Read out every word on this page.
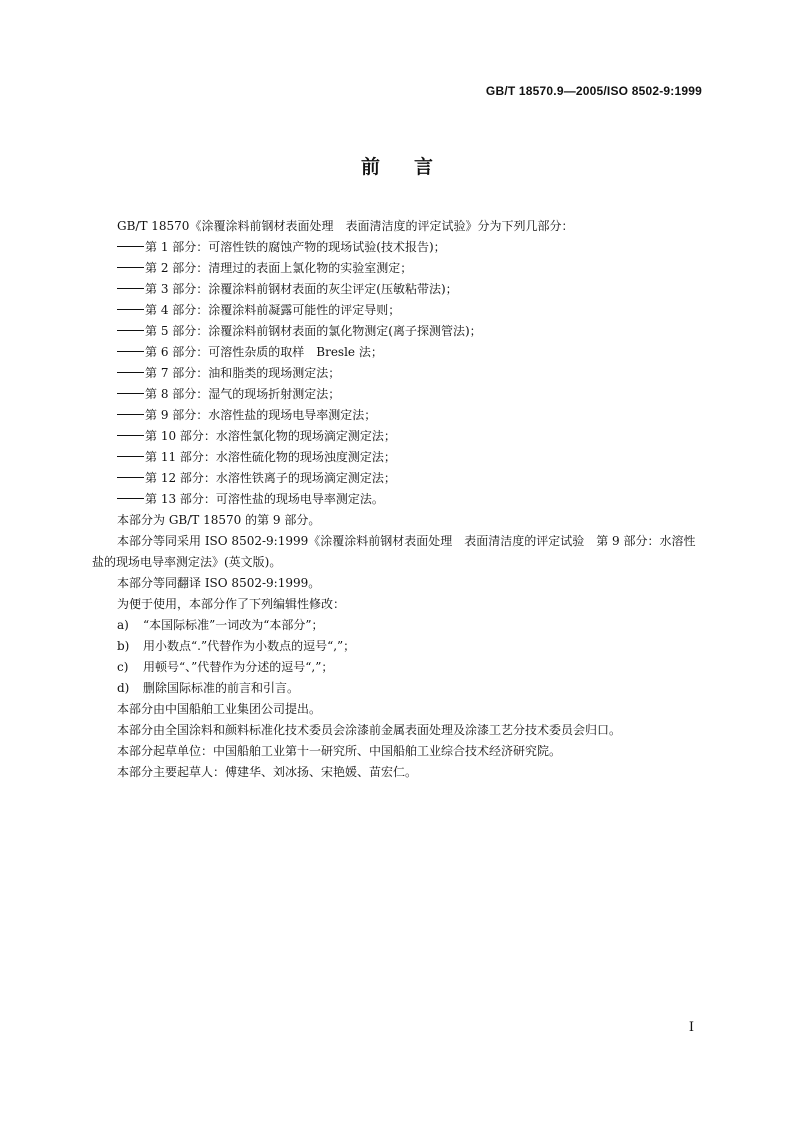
GB/T 18570.9—2005/ISO 8502-9:1999
前言

GB/T 18570《涂覆涂料前钢材表面处理　表面清洁度的评定试验》分为下列几部分：

第 1 部分：可溶性铁的腐蚀产物的现场试验(技术报告)；

第 2 部分：清理过的表面上氯化物的实验室测定；

第 3 部分：涂覆涂料前钢材表面的灰尘评定(压敏粘带法)；

第 4 部分：涂覆涂料前凝露可能性的评定导则；

第 5 部分：涂覆涂料前钢材表面的氯化物测定(离子探测管法)；

第 6 部分：可溶性杂质的取样　Bresle 法；

第 7 部分：油和脂类的现场测定法；

第 8 部分：湿气的现场折射测定法；

第 9 部分：水溶性盐的现场电导率测定法；

第 10 部分：水溶性氯化物的现场滴定测定法；

第 11 部分：水溶性硫化物的现场浊度测定法；

第 12 部分：水溶性铁离子的现场滴定测定法；

第 13 部分：可溶性盐的现场电导率测定法。

本部分为 GB/T 18570 的第 9 部分。

本部分等同采用 ISO 8502-9:1999《涂覆涂料前钢材表面处理　表面清洁度的评定试验　第 9 部分：水溶性盐的现场电导率测定法》(英文版)。

本部分等同翻译 ISO 8502-9:1999。

为便于使用，本部分作了下列编辑性修改：

a) “本国际标准”一词改为“本部分”；

b) 用小数点“.”代替作为小数点的逗号“,”；

c) 用顿号“、”代替作为分述的逗号“,”；

d) 删除国际标准的前言和引言。

本部分由中国船舶工业集团公司提出。

本部分由全国涂料和颜料标准化技术委员会涂漆前金属表面处理及涂漆工艺分技术委员会归口。

本部分起草单位：中国船舶工业第十一研究所、中国船舶工业综合技术经济研究院。

本部分主要起草人：傅建华、刘冰扬、宋艳媛、苗宏仁。

I
